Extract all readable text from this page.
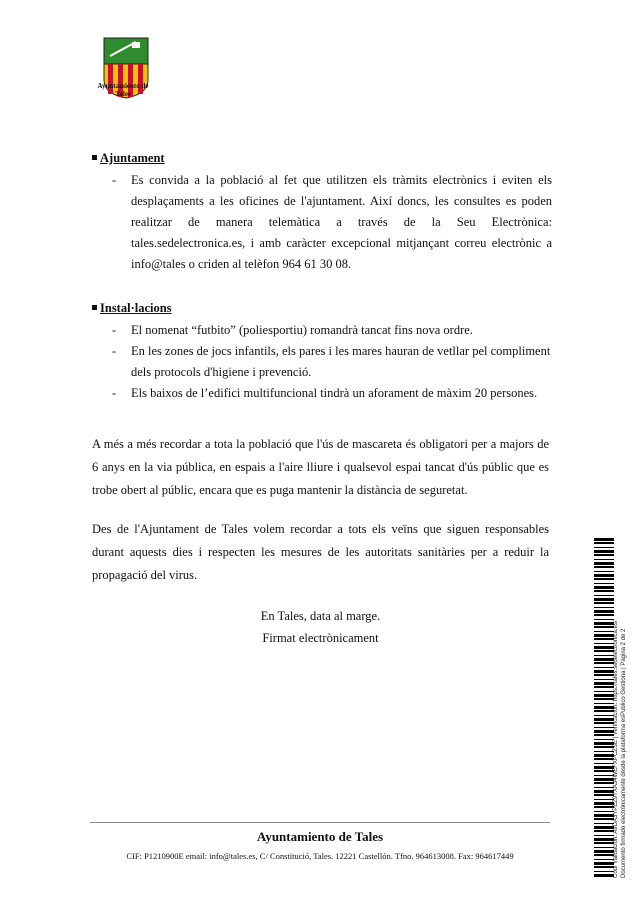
Ayuntamiento de
Tales
Ajuntament
- Es convida a la població al fet que utilitzen els tràmits electrònics i eviten els desplaçaments a les oficines de l'ajuntament. Així doncs, les consultes es poden realitzar de manera telemàtica a través de la Seu Electrònica: tales.sedelectronica.es, i amb caràcter excepcional mitjançant correu electrònic a info@tales o criden al telèfon 964 61 30 08.
Instal·lacions
- El nomenat “futbito” (poliesportiu) romandrà tancat fins nova ordre.
- En les zones de jocs infantils, els pares i les mares hauran de vetllar pel compliment dels protocols d'higiene i prevenció.
- Els baixos de l’edifici multifuncional tindrà un aforament de màxim 20 persones.
A més a més recordar a tota la població que l'ús de mascareta és obligatori per a majors de 6 anys en la via pública, en espais a l'aire lliure i qualsevol espai tancat d'ús públic que es trobe obert al públic, encara que es puga mantenir la distància de seguretat.
Des de l'Ajuntament de Tales volem recordar a tots els veïns que siguen responsables durant aquests dies i respecten les mesures de les autoritats sanitàries per a reduir la propagació del virus.
En Tales, data al marge.
Firmat electrònicament
Ayuntamiento de Tales
CIF: P1210900E email: info@tales.es, C/ Constitució, Tales. 12221 Castellón. Tfno. 964613008. Fax: 964617449	Codi Validación: A9DA3YPEZ9TXA34WEFXPCZSE | Verificación: https://tales.sedelectronica.es/ Documento firmado electrónicamente desde la plataforma esPublico Gestiona | Página 2 de 2
